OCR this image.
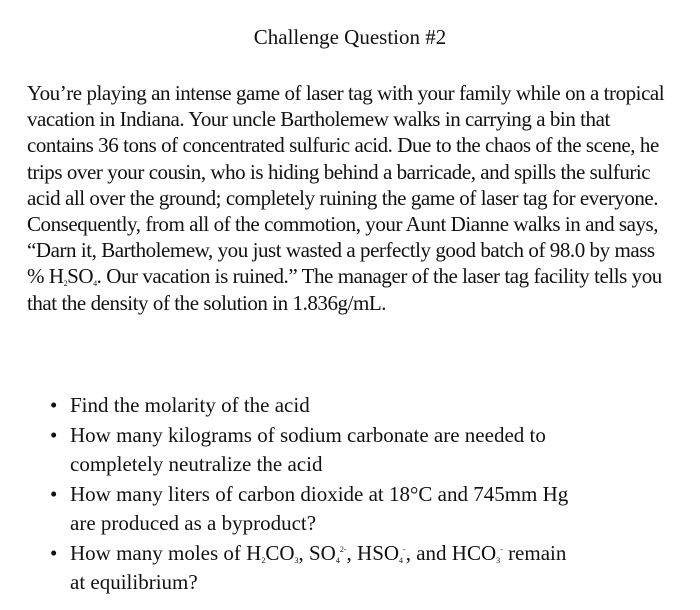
Challenge Question #2

You’re playing an intense game of laser tag with your family while on a tropical vacation in Indiana. Your uncle Bartholemew walks in carrying a bin that contains 36 tons of concentrated sulfuric acid. Due to the chaos of the scene, he trips over your cousin, who is hiding behind a barricade, and spills the sulfuric acid all over the ground; completely ruining the game of laser tag for everyone. Consequently, from all of the commotion, your Aunt Dianne walks in and says, “Darn it, Bartholemew, you just wasted a perfectly good batch of 98.0 by mass % $H_2SO_4$. Our vacation is ruined.” The manager of the laser tag facility tells you that the density of the solution in 1.836g/mL.

• Find the molarity of the acid
• How many kilograms of sodium carbonate are needed to
completely neutralize the acid
• How many liters of carbon dioxide at 18°C and 745mm Hg
are produced as a byproduct?
• How many moles of $H_2CO_3$, $SO_4^{2-}$, $HSO_4^-$, and $HCO_3^-$ remain
at equilibrium?
